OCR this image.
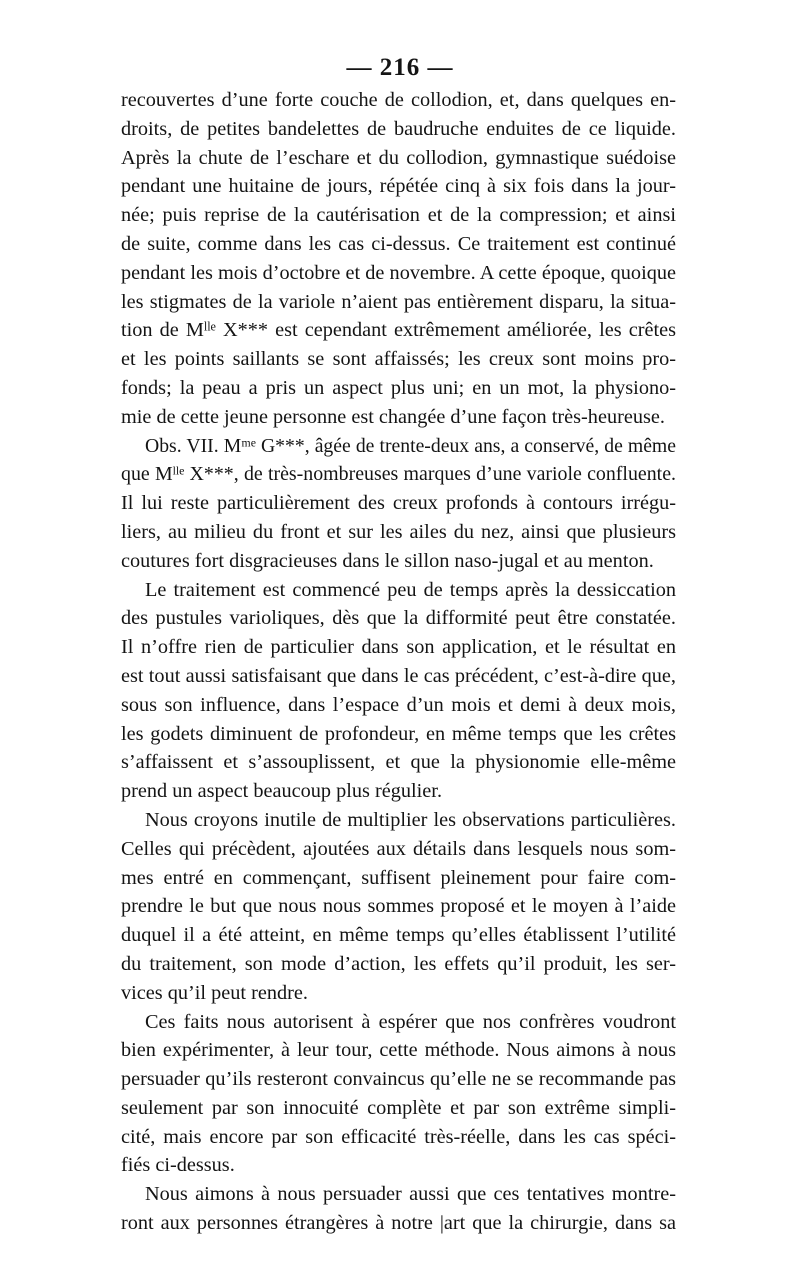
— 216 —
recouvertes d’une forte couche de collodion, et, dans quelques en-
droits, de petites bandelettes de baudruche enduites de ce liquide.
Après la chute de l’eschare et du collodion, gymnastique suédoise
pendant une huitaine de jours, répétée cinq à six fois dans la jour-
née; puis reprise de la cautérisation et de la compression; et ainsi
de suite, comme dans les cas ci-dessus. Ce traitement est continué
pendant les mois d’octobre et de novembre. A cette époque, quoique
les stigmates de la variole n’aient pas entièrement disparu, la situa-
tion de Mˡˡᵉ X*** est cependant extrêmement améliorée, les crêtes
et les points saillants se sont affaissés; les creux sont moins pro-
fonds; la peau a pris un aspect plus uni; en un mot, la physiono-
mie de cette jeune personne est changée d’une façon très-heureuse.
Obs. VII. Mᵐᵉ G***, âgée de trente-deux ans, a conservé, de même
que Mˡˡᵉ X***, de très-nombreuses marques d’une variole confluente.
Il lui reste particulièrement des creux profonds à contours irrégu-
liers, au milieu du front et sur les ailes du nez, ainsi que plusieurs
coutures fort disgracieuses dans le sillon naso-jugal et au menton.
Le traitement est commencé peu de temps après la dessiccation
des pustules varioliques, dès que la difformité peut être constatée.
Il n’offre rien de particulier dans son application, et le résultat en
est tout aussi satisfaisant que dans le cas précédent, c’est-à-dire que,
sous son influence, dans l’espace d’un mois et demi à deux mois,
les godets diminuent de profondeur, en même temps que les crêtes
s’affaissent et s’assouplissent, et que la physionomie elle-même
prend un aspect beaucoup plus régulier.
Nous croyons inutile de multiplier les observations particulières.
Celles qui précèdent, ajoutées aux détails dans lesquels nous som-
mes entré en commençant, suffisent pleinement pour faire com-
prendre le but que nous nous sommes proposé et le moyen à l’aide
duquel il a été atteint, en même temps qu’elles établissent l’utilité
du traitement, son mode d’action, les effets qu’il produit, les ser-
vices qu’il peut rendre.
Ces faits nous autorisent à espérer que nos confrères voudront
bien expérimenter, à leur tour, cette méthode. Nous aimons à nous
persuader qu’ils resteront convaincus qu’elle ne se recommande pas
seulement par son innocuité complète et par son extrême simpli-
cité, mais encore par son efficacité très-réelle, dans les cas spéci-
fiés ci-dessus.
Nous aimons à nous persuader aussi que ces tentatives montre-
ront aux personnes étrangères à notre |art que la chirurgie, dans sa
